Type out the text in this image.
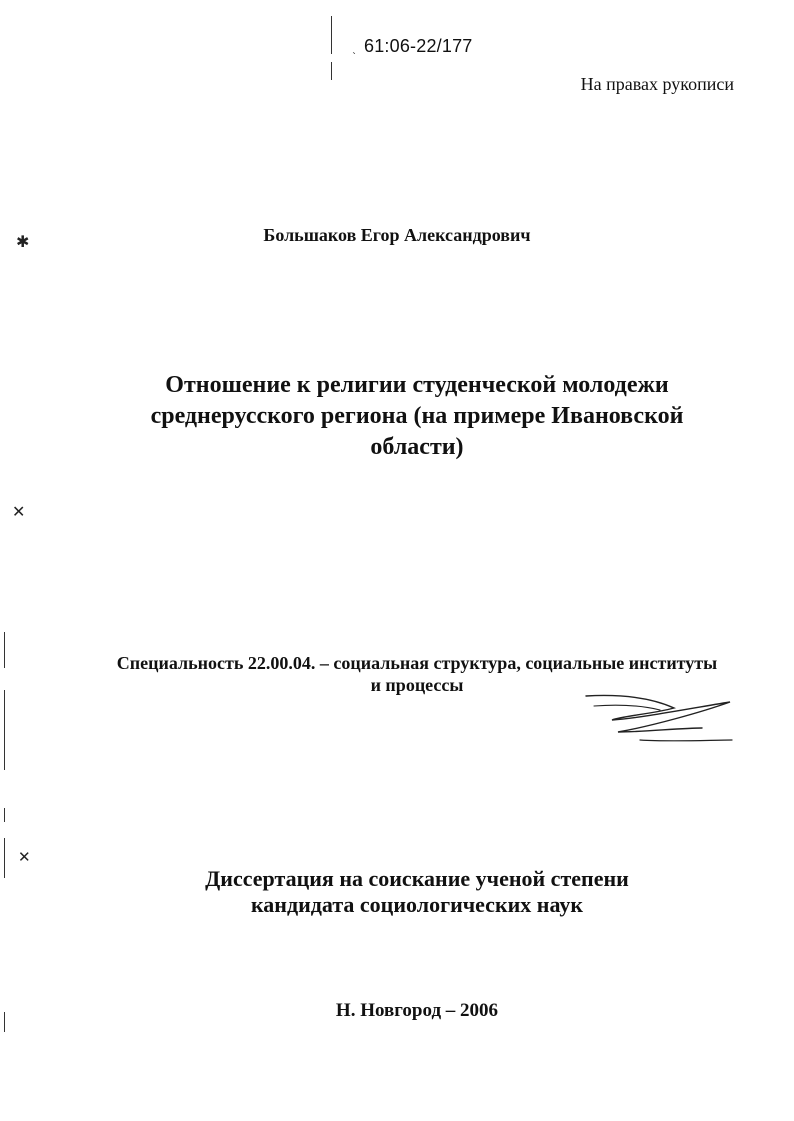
`
✱
✕
✕
61:06-22/177
На правах рукописи
Большаков Егор Александрович
Отношение к религии студенческой молодежи
среднерусского региона (на примере Ивановской
области)
Специальность 22.00.04. – социальная структура, социальные институты
и процессы
Диссертация на соискание ученой степени
кандидата социологических наук
Н. Новгород – 2006
